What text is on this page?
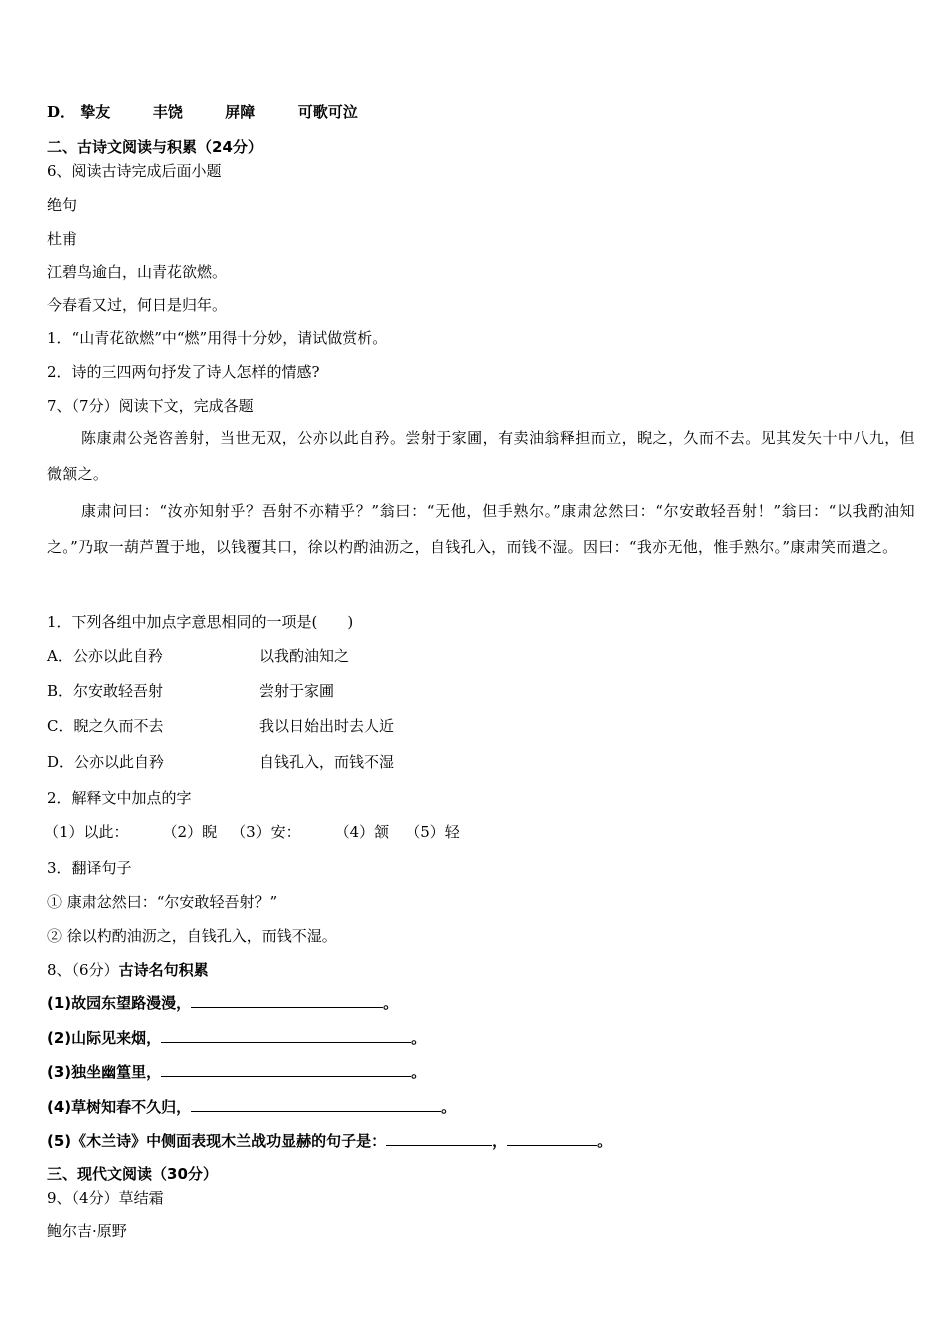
D． 挚友	丰饶	屏障	可歌可泣
二、古诗文阅读与积累（24分）
6、阅读古诗完成后面小题
绝句
杜甫
江碧鸟逾白，山青花欲燃。
今春看又过，何日是归年。
1．“山青花欲燃”中“燃”用得十分妙，请试做赏析。
2．诗的三四两句抒发了诗人怎样的情感?
7、（7分）阅读下文，完成各题
陈康肃公尧咨善射，当世无双，公亦以此自矜。尝射于家圃，有卖油翁释担而立，睨之，久而不去。见其发矢十中八九，但微颔之。
康肃问曰：“汝亦知射乎？吾射不亦精乎？”翁曰：“无他，但手熟尔。”康肃忿然曰：“尔安敢轻吾射！”翁曰：“以我酌油知之。”乃取一葫芦置于地，以钱覆其口，徐以杓酌油沥之，自钱孔入，而钱不湿。因曰：“我亦无他，惟手熟尔。”康肃笑而遣之。
1．下列各组中加点字意思相同的一项是(　　)
A．公亦以此自矜	以我酌油知之
B．尔安敢轻吾射	尝射于家圃
C．睨之久而不去	我以日始出时去人近
D．公亦以此自矜	自钱孔入，而钱不湿
2．解释文中加点的字
（1）以此： （2）睨 （3）安： （4）颔 （5）轻
3．翻译句子
① 康肃忿然曰：“尔安敢轻吾射？”
② 徐以杓酌油沥之，自钱孔入，而钱不湿。
8、（6分）古诗名句积累
(1)故园东望路漫漫，	。
(2)山际见来烟，	。
(3)独坐幽篁里，	。
(4)草树知春不久归，	。
(5)《木兰诗》中侧面表现木兰战功显赫的句子是：	，	。
三、现代文阅读（30分）
9、（4分）草结霜
鲍尔吉·原野
